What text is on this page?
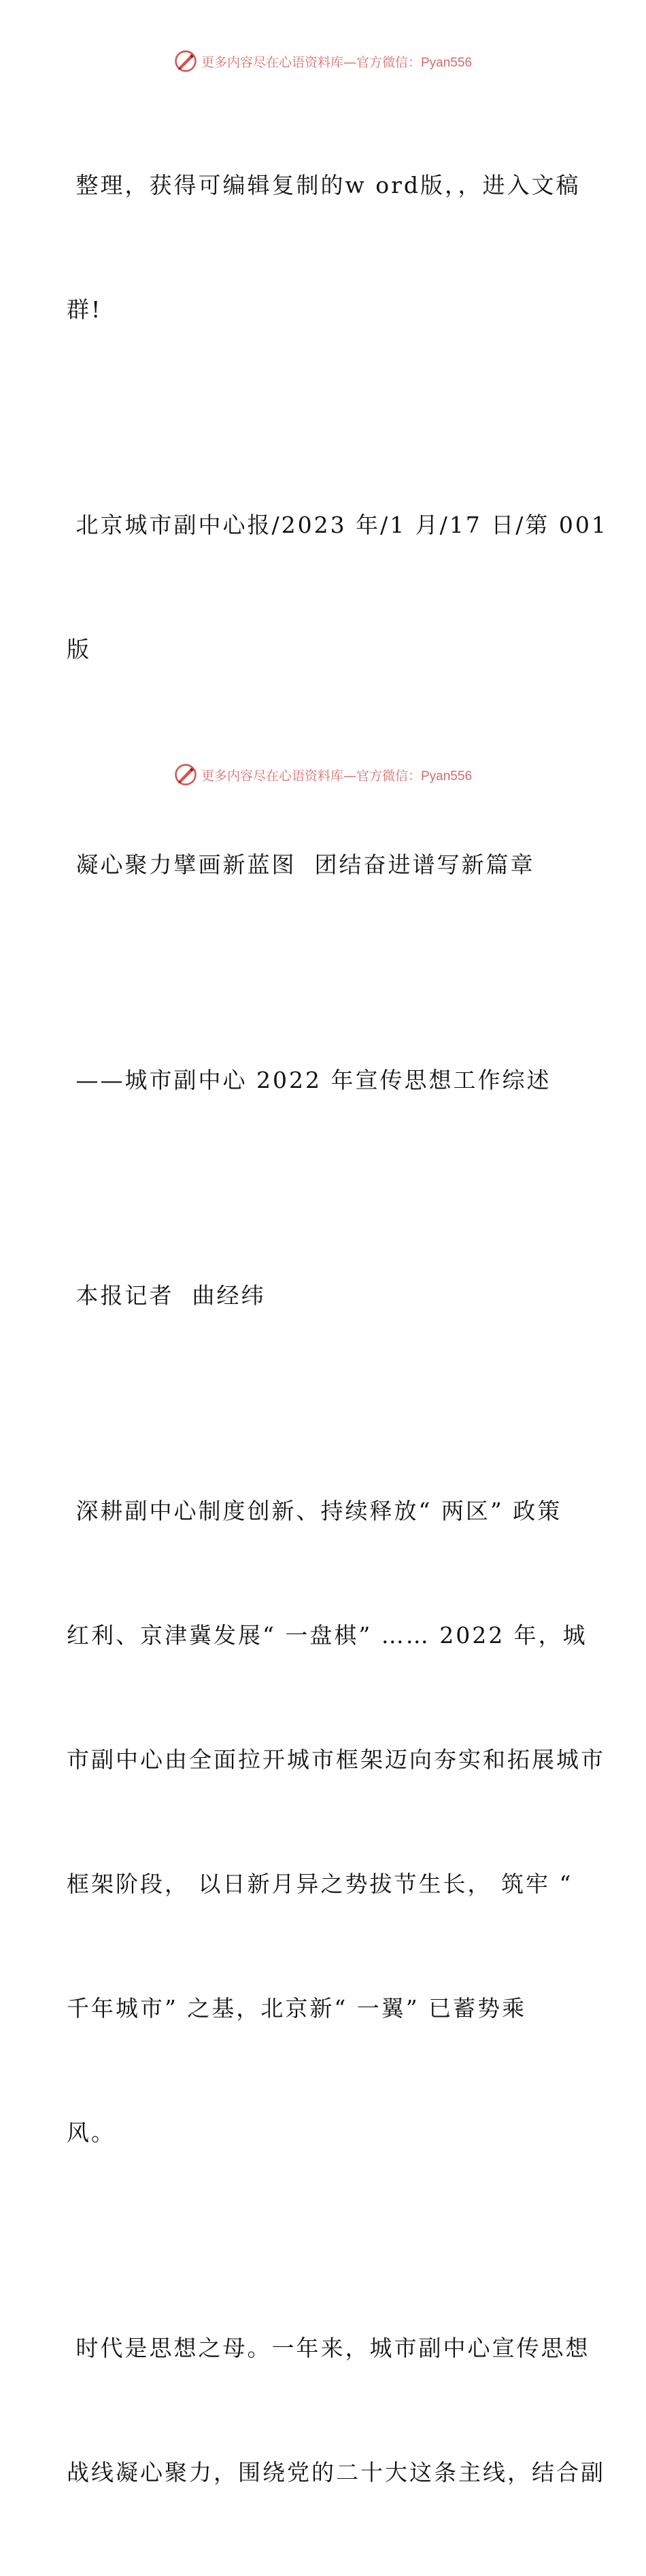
更多内容尽在心语资料库—官方微信：Pyan556

整理，获得可编辑复制的w ord版，，进入文稿

群!

北京城市副中心报/2023 年/1 月/17 日/第 001

版

凝心聚力擘画新蓝图  团结奋进谱写新篇章

——城市副中心 2022 年宣传思想工作综述

本报记者  曲经纬

深耕副中心制度创新、持续释放“ 两区” 政策

红利、京津冀发展“ 一盘棋” …… 2022 年，城

市副中心由全面拉开城市框架迈向夯实和拓展城市

框架阶段， 以日新月异之势拔节生长， 筑牢 “

千年城市” 之基，北京新“ 一翼” 已蓄势乘

风。

时代是思想之母。一年来，城市副中心宣传思想

战线凝心聚力，围绕党的二十大这条主线，结合副

更多内容尽在心语资料库—官方微信：Pyan556
